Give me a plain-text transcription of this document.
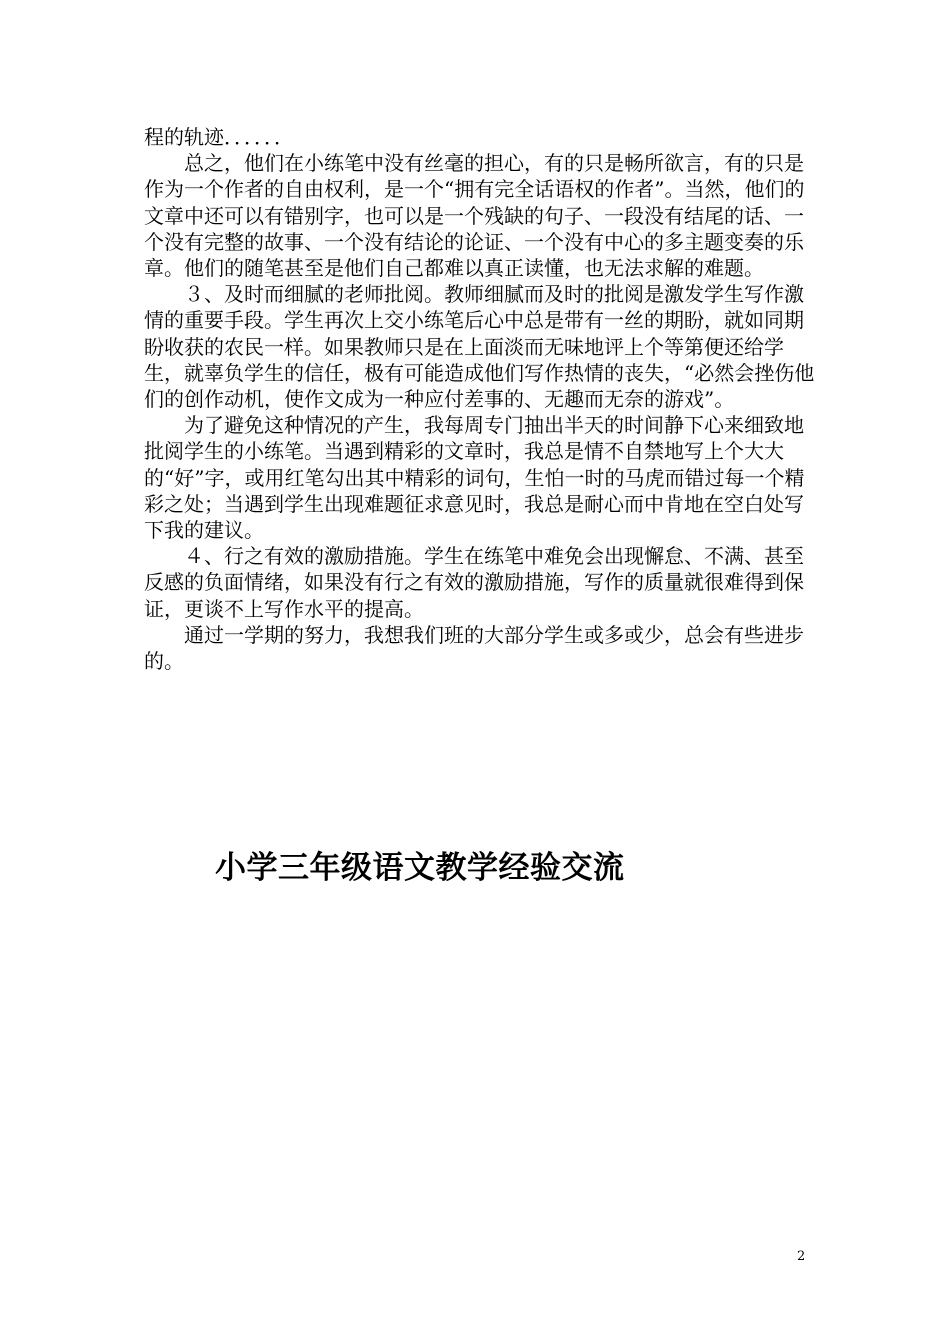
程的轨迹．．．．．．

总之，他们在小练笔中没有丝毫的担心，有的只是畅所欲言，有的只是作为一个作者的自由权利，是一个“拥有完全话语权的作者”。当然，他们的文章中还可以有错别字，也可以是一个残缺的句子、一段没有结尾的话、一个没有完整的故事、一个没有结论的论证、一个没有中心的多主题变奏的乐章。他们的随笔甚至是他们自己都难以真正读懂，也无法求解的难题。

３、及时而细腻的老师批阅。教师细腻而及时的批阅是激发学生写作激情的重要手段。学生再次上交小练笔后心中总是带有一丝的期盼，就如同期盼收获的农民一样。如果教师只是在上面淡而无味地评上个等第便还给学生，就辜负学生的信任，极有可能造成他们写作热情的丧失，“必然会挫伤他们的创作动机，使作文成为一种应付差事的、无趣而无奈的游戏”。

为了避免这种情况的产生，我每周专门抽出半天的时间静下心来细致地批阅学生的小练笔。当遇到精彩的文章时，我总是情不自禁地写上个大大的“好”字，或用红笔勾出其中精彩的词句，生怕一时的马虎而错过每一个精彩之处；当遇到学生出现难题征求意见时，我总是耐心而中肯地在空白处写下我的建议。

４、行之有效的激励措施。学生在练笔中难免会出现懈怠、不满、甚至反感的负面情绪，如果没有行之有效的激励措施，写作的质量就很难得到保证，更谈不上写作水平的提高。

通过一学期的努力，我想我们班的大部分学生或多或少，总会有些进步的。

小学三年级语文教学经验交流
2
